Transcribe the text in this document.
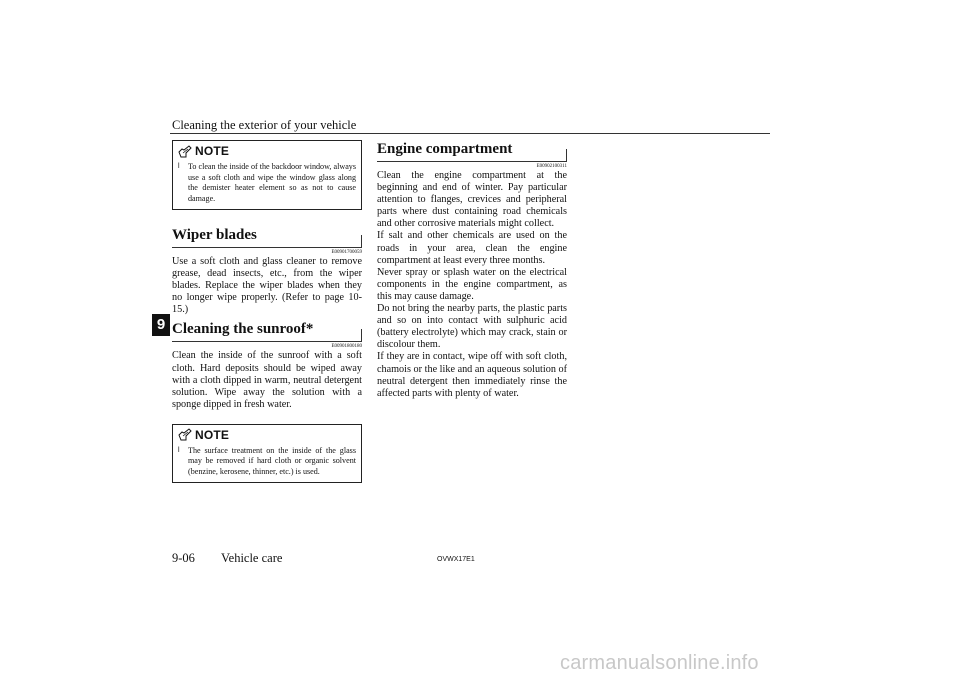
Cleaning the exterior of your vehicle
9
NOTE
l	To clean the inside of the backdoor window, always use a soft cloth and wipe the window glass along the demister heater element so as not to cause damage.
Wiper blades
E00901700059
Use a soft cloth and glass cleaner to remove grease, dead insects, etc., from the wiper blades. Replace the wiper blades when they no longer wipe properly. (Refer to page 10-15.)
Cleaning the sunroof*
E00901800180
Clean the inside of the sunroof with a soft cloth. Hard deposits should be wiped away with a cloth dipped in warm, neutral detergent solution. Wipe away the solution with a sponge dipped in fresh water.
NOTE
l	The surface treatment on the inside of the glass may be removed if hard cloth or organic solvent (benzine, kerosene, thinner, etc.) is used.
Engine compartment
E00902100311

Clean the engine compartment at the beginning and end of winter. Pay particular attention to flanges, crevices and peripheral parts where dust containing road chemicals and other corrosive materials might collect.

If salt and other chemicals are used on the roads in your area, clean the engine compartment at least every three months.

Never spray or splash water on the electrical components in the engine compartment, as this may cause damage.

Do not bring the nearby parts, the plastic parts and so on into contact with sulphuric acid (battery electrolyte) which may crack, stain or discolour them.

If they are in contact, wipe off with soft cloth, chamois or the like and an aqueous solution of neutral detergent then immediately rinse the affected parts with plenty of water.

9-06 Vehicle care	OVWX17E1
carmanualsonline.info
